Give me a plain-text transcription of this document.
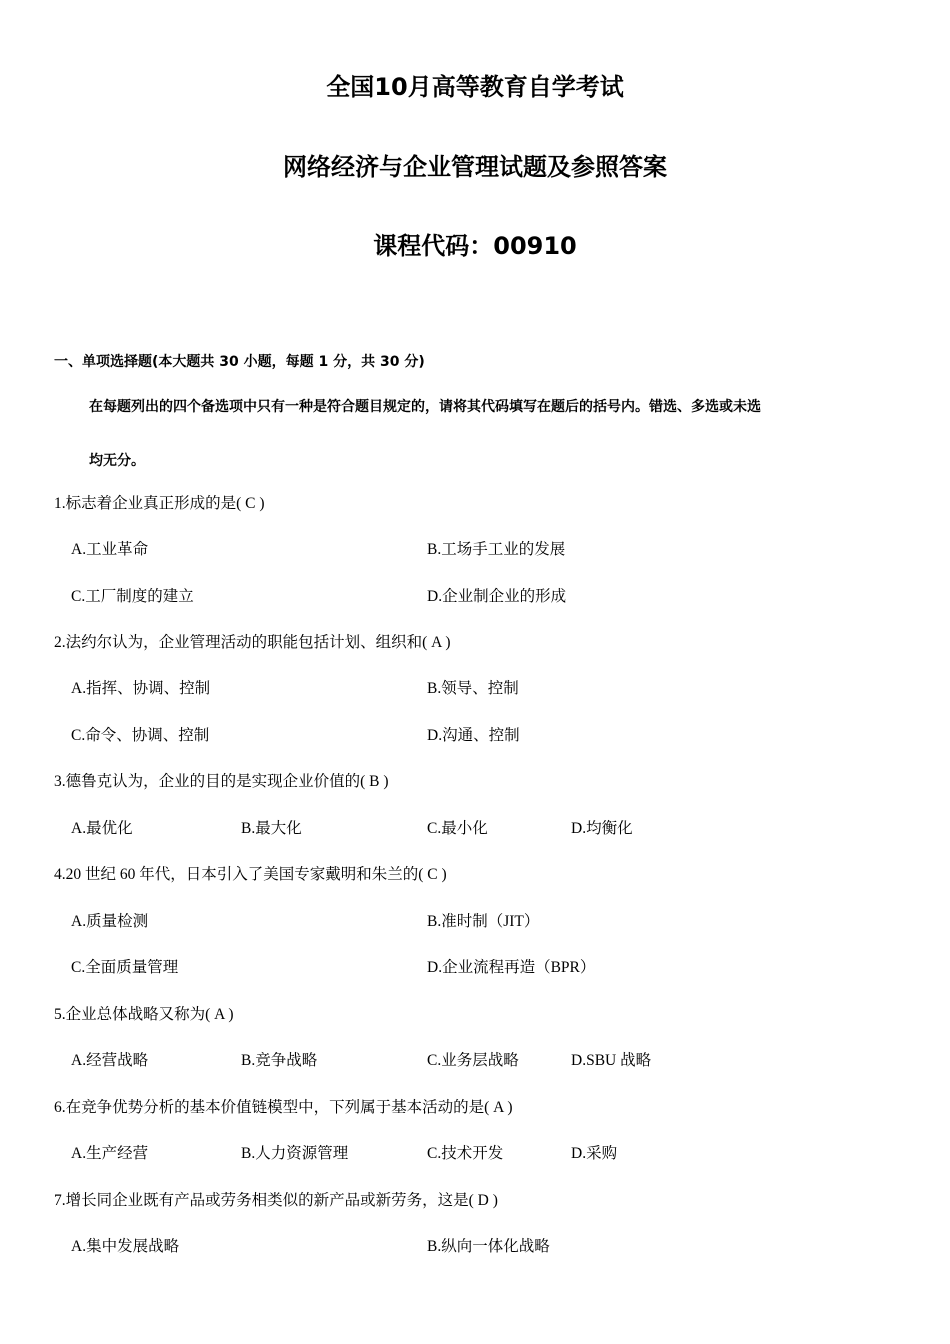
全国10月高等教育自学考试
网络经济与企业管理试题及参照答案
课程代码：00910
一、单项选择题(本大题共 30 小题，每题 1 分，共 30 分)
在每题列出的四个备选项中只有一种是符合题目规定的，请将其代码填写在题后的括号内。错选、多选或未选
均无分。
1.标志着企业真正形成的是( C )
A.工业革命	B.工场手工业的发展
C.工厂制度的建立	D.企业制企业的形成
2.法约尔认为，企业管理活动的职能包括计划、组织和( A )
A.指挥、协调、控制	B.领导、控制
C.命令、协调、控制	D.沟通、控制
3.德鲁克认为，企业的目的是实现企业价值的( B )
A.最优化	B.最大化	C.最小化	D.均衡化
4.20 世纪 60 年代，日本引入了美国专家戴明和朱兰的( C )
A.质量检测	B.准时制（JIT）
C.全面质量管理	D.企业流程再造（BPR）
5.企业总体战略又称为( A )
A.经营战略	B.竞争战略	C.业务层战略	D.SBU 战略
6.在竞争优势分析的基本价值链模型中，下列属于基本活动的是( A )
A.生产经营	B.人力资源管理	C.技术开发	D.采购
7.增长同企业既有产品或劳务相类似的新产品或新劳务，这是( D )
A.集中发展战略	B.纵向一体化战略
